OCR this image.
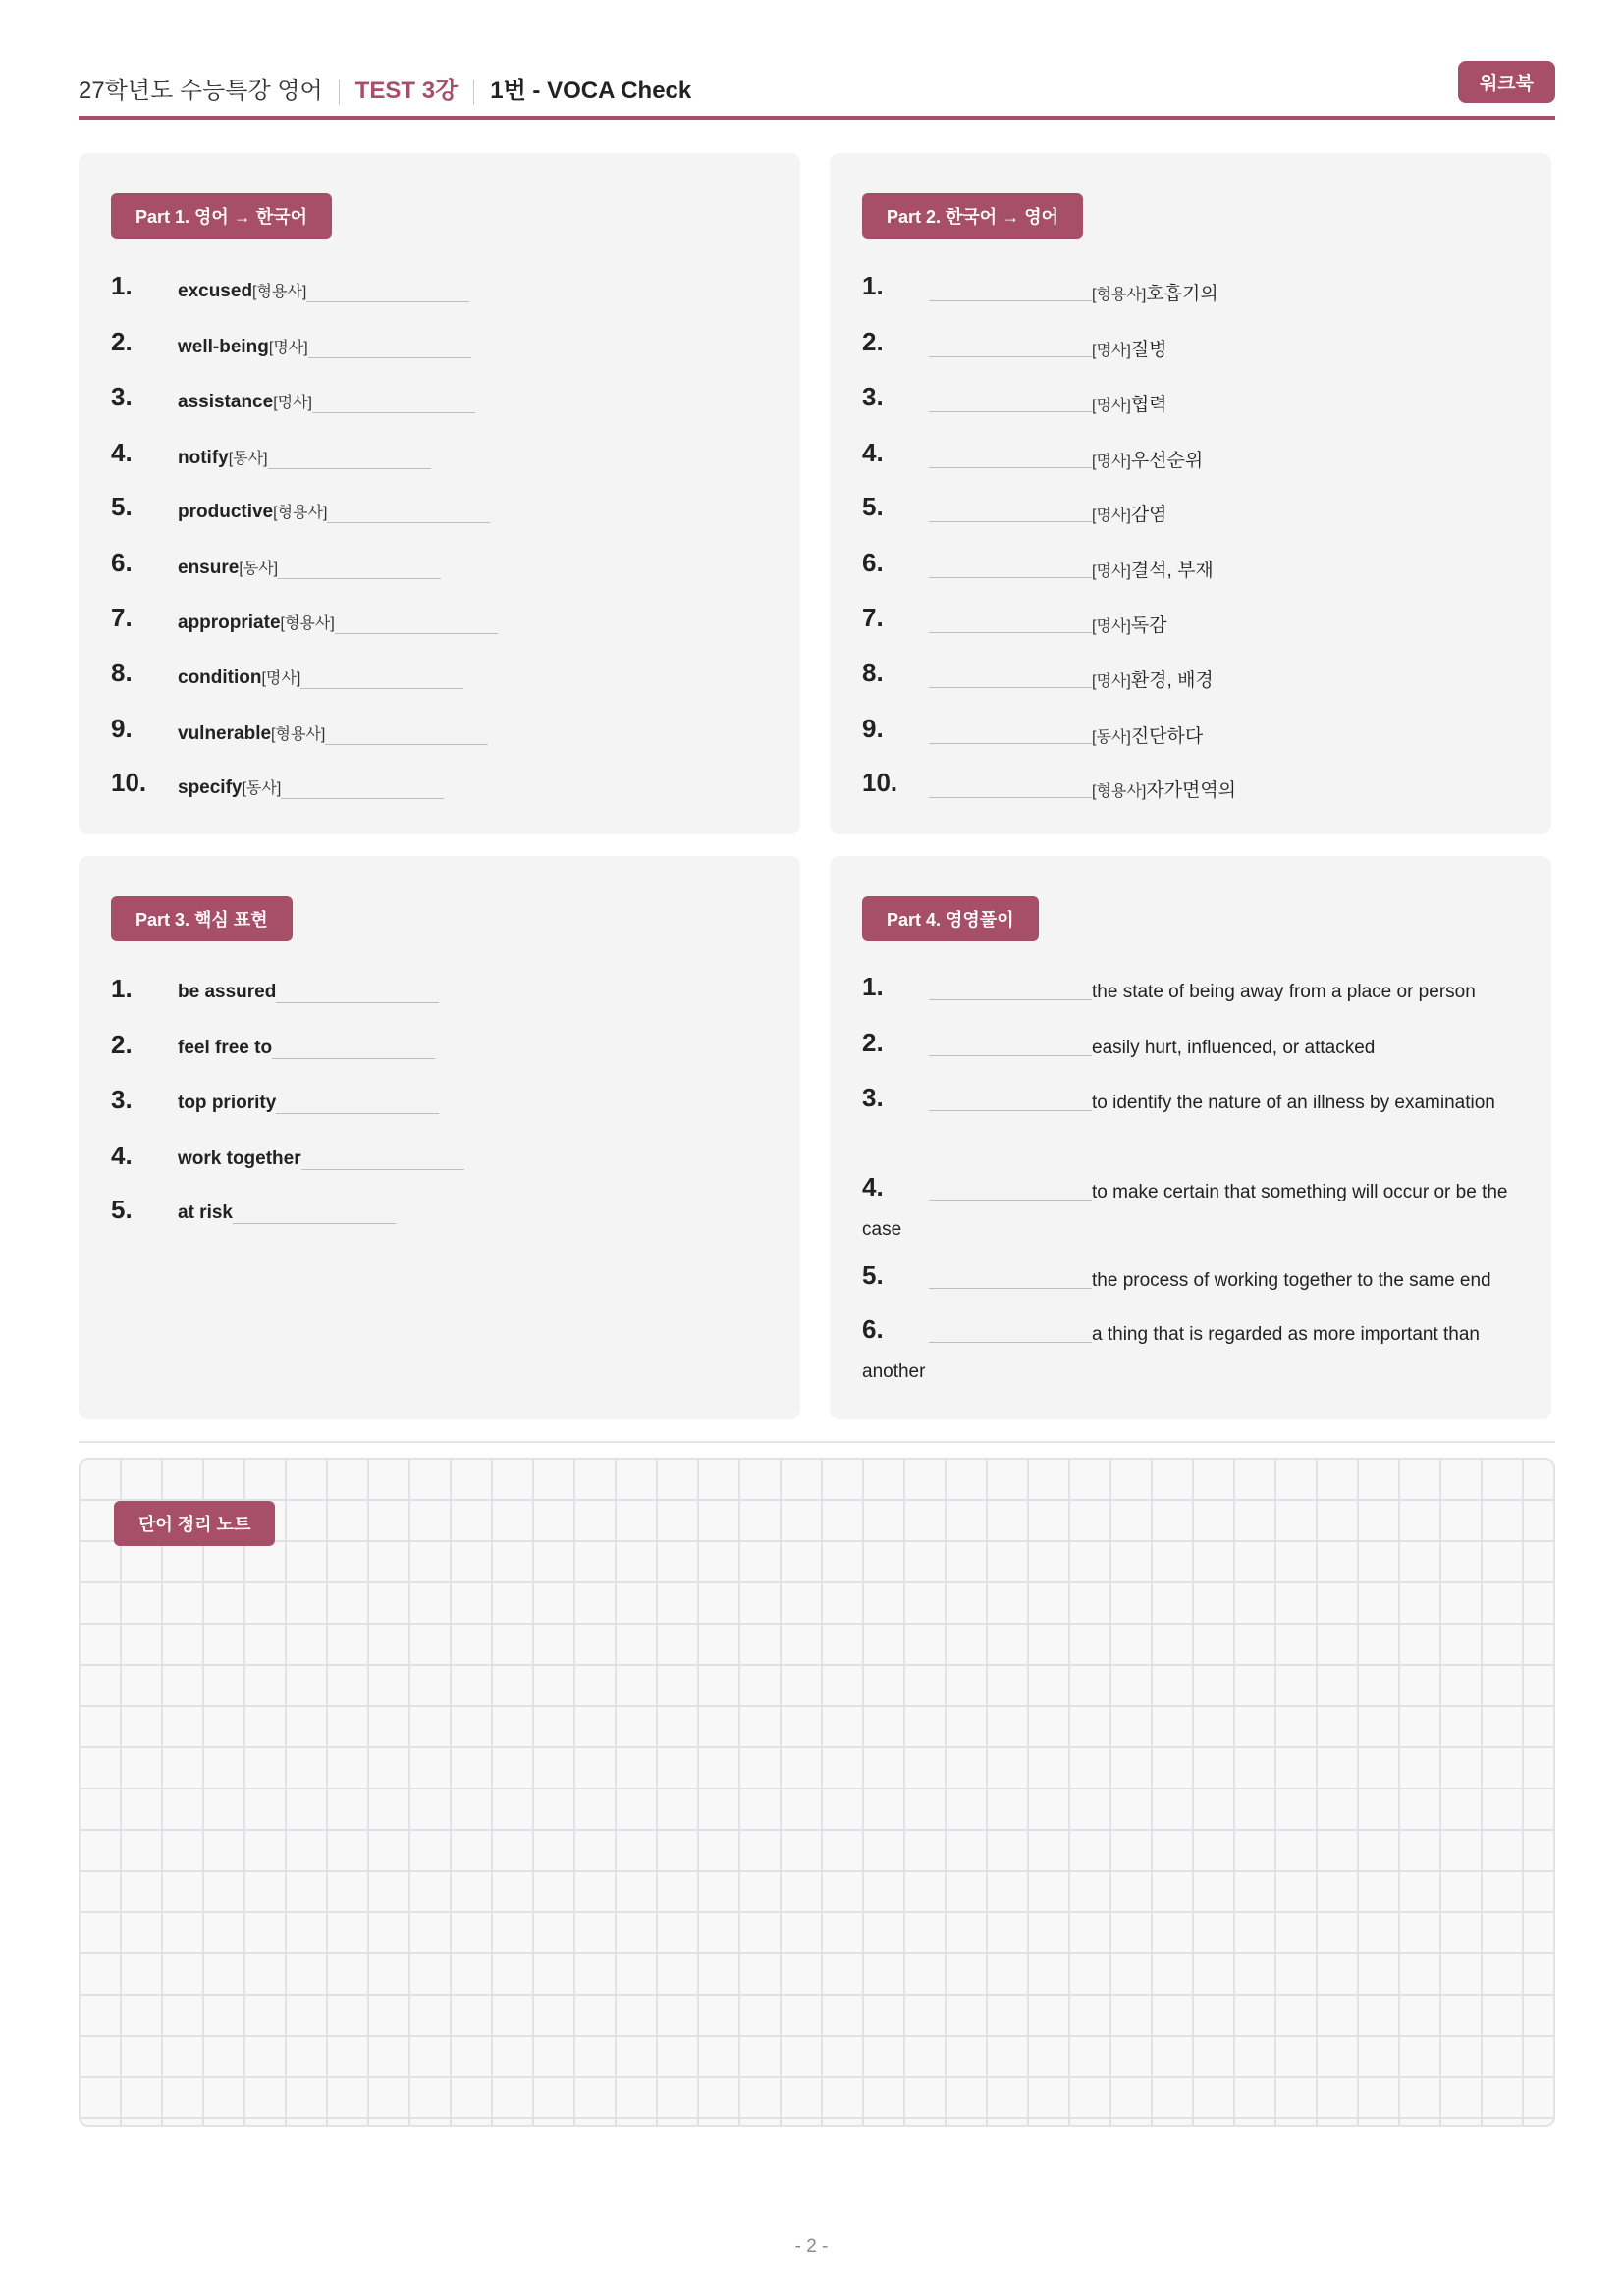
27학년도 수능특강 영어 TEST 3강 1번 - VOCA Check	워크북
Part 1. 영어 → 한국어
1. excused[형용사]
2. well-being[명사]
3. assistance[명사]
4. notify[동사]
5. productive[형용사]
6. ensure[동사]
7. appropriate[형용사]
8. condition[명사]
9. vulnerable[형용사]
10. specify[동사]
Part 2. 한국어 → 영어
1.	[형용사]호흡기의
2.	[명사]질병
3.	[명사]협력
4.	[명사]우선순위
5.	[명사]감염
6.	[명사]결석, 부재
7.	[명사]독감
8.	[명사]환경, 배경
9.	[동사]진단하다
10.	[형용사]자가면역의
Part 3. 핵심 표현
1. be assured
2. feel free to
3. top priority
4. work together
5. at risk
Part 4. 영영풀이
1.	the state of being away from a place or person
2.	easily hurt, influenced, or attacked
3.	to identify the nature of an illness by examination
4.	to make certain that something will occur or be the case
5.	the process of working together to the same end
6.	a thing that is regarded as more important than another
단어 정리 노트
- 2 -
